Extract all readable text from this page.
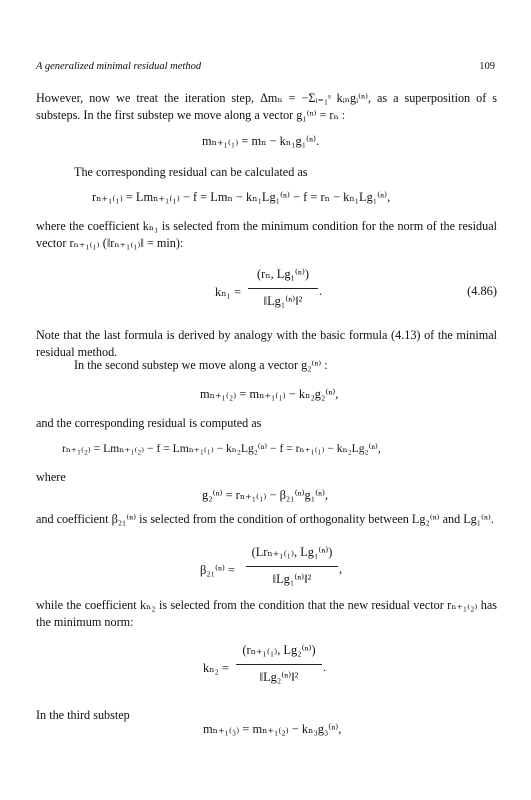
A generalized minimal residual method	109
However, now we treat the iteration step, Δmₙ = −Σᵢ₌₁ˢ kᵢₙgᵢ⁽ⁿ⁾, as a superposition of s substeps. In the first substep we move along a vector g₁⁽ⁿ⁾ = rₙ :
mₙ₊₁₍₁₎ = mₙ − kₙ₁g₁⁽ⁿ⁾.
The corresponding residual can be calculated as
rₙ₊₁₍₁₎ = Lmₙ₊₁₍₁₎ − f = Lmₙ − kₙ₁Lg₁⁽ⁿ⁾ − f = rₙ − kₙ₁Lg₁⁽ⁿ⁾,
where the coefficient kₙ₁ is selected from the minimum condition for the norm of the residual vector rₙ₊₁₍₁₎ (‖rₙ₊₁₍₁₎‖ = min):
kₙ₁ =
(rₙ, Lg₁⁽ⁿ⁾)
‖Lg₁⁽ⁿ⁾‖²
.	(4.86)
Note that the last formula is derived by analogy with the basic formula (4.13) of the minimal residual method.
In the second substep we move along a vector g₂⁽ⁿ⁾ :
mₙ₊₁₍₂₎ = mₙ₊₁₍₁₎ − kₙ₂g₂⁽ⁿ⁾,
and the corresponding residual is computed as
rₙ₊₁₍₂₎ = Lmₙ₊₁₍₂₎ − f = Lmₙ₊₁₍₁₎ − kₙ₂Lg₂⁽ⁿ⁾ − f = rₙ₊₁₍₁₎ − kₙ₂Lg₂⁽ⁿ⁾,
where
g₂⁽ⁿ⁾ = rₙ₊₁₍₁₎ − β₂₁⁽ⁿ⁾g₁⁽ⁿ⁾,
and coefficient β₂₁⁽ⁿ⁾ is selected from the condition of orthogonality between Lg₂⁽ⁿ⁾ and Lg₁⁽ⁿ⁾.
β₂₁⁽ⁿ⁾ =
(Lrₙ₊₁₍₁₎, Lg₁⁽ⁿ⁾)
‖Lg₁⁽ⁿ⁾‖²
,
while the coefficient kₙ₂ is selected from the condition that the new residual vector rₙ₊₁₍₂₎ has the minimum norm:
kₙ₂ =
(rₙ₊₁₍₁₎, Lg₂⁽ⁿ⁾)
‖Lg₂⁽ⁿ⁾‖²
.
In the third substep
mₙ₊₁₍₃₎ = mₙ₊₁₍₂₎ − kₙ₃g₃⁽ⁿ⁾,
